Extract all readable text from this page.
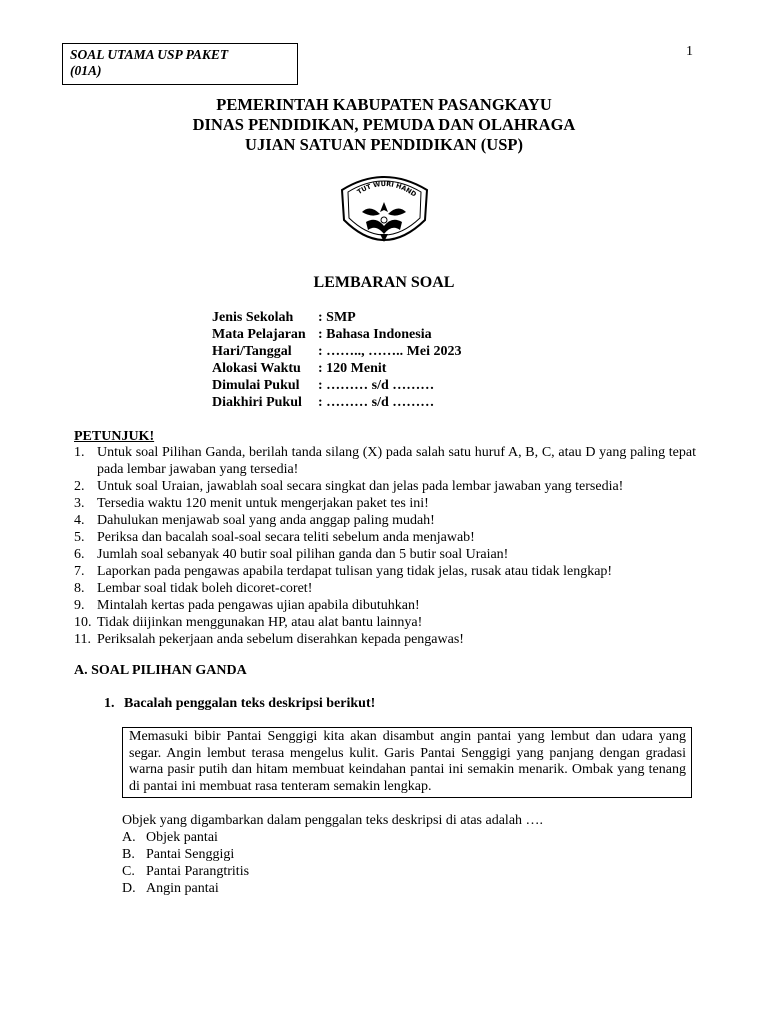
SOAL UTAMA USP PAKET
(01A)
1
PEMERINTAH KABUPATEN PASANGKAYU
DINAS PENDIDIKAN, PEMUDA DAN OLAHRAGA
UJIAN SATUAN PENDIDIKAN (USP)
TUT WURI HAND
LEMBARAN SOAL
Jenis Sekolah : SMP
Mata Pelajaran : Bahasa Indonesia
Hari/Tanggal : …….., …….. Mei 2023
Alokasi Waktu : 120 Menit
Dimulai Pukul : ……… s/d ………
Diakhiri Pukul : ……… s/d ………
PETUNJUK!
1. Untuk soal Pilihan Ganda, berilah tanda silang (X) pada salah satu huruf A, B, C, atau D yang paling tepat pada lembar jawaban yang tersedia!
2. Untuk soal Uraian, jawablah soal secara singkat dan jelas pada lembar jawaban yang tersedia!
3. Tersedia waktu 120 menit untuk mengerjakan paket tes ini!
4. Dahulukan menjawab soal yang anda anggap paling mudah!
5. Periksa dan bacalah soal-soal secara teliti sebelum anda menjawab!
6. Jumlah soal sebanyak 40 butir soal pilihan ganda dan 5 butir soal Uraian!
7. Laporkan pada pengawas apabila terdapat tulisan yang tidak jelas, rusak atau tidak lengkap!
8. Lembar soal tidak boleh dicoret-coret!
9. Mintalah kertas pada pengawas ujian apabila dibutuhkan!
10. Tidak diijinkan menggunakan HP, atau alat bantu lainnya!
11. Periksalah pekerjaan anda sebelum diserahkan kepada pengawas!
A. SOAL PILIHAN GANDA
1. Bacalah penggalan teks deskripsi berikut!
Memasuki bibir Pantai Senggigi kita akan disambut angin pantai yang lembut dan udara yang segar. Angin lembut terasa mengelus kulit. Garis Pantai Senggigi yang panjang dengan gradasi warna pasir putih dan hitam membuat keindahan pantai ini semakin menarik. Ombak yang tenang di pantai ini membuat rasa tenteram semakin lengkap.
Objek yang digambarkan dalam penggalan teks deskripsi di atas adalah ….
A. Objek pantai
B. Pantai Senggigi
C. Pantai Parangtritis
D. Angin pantai
